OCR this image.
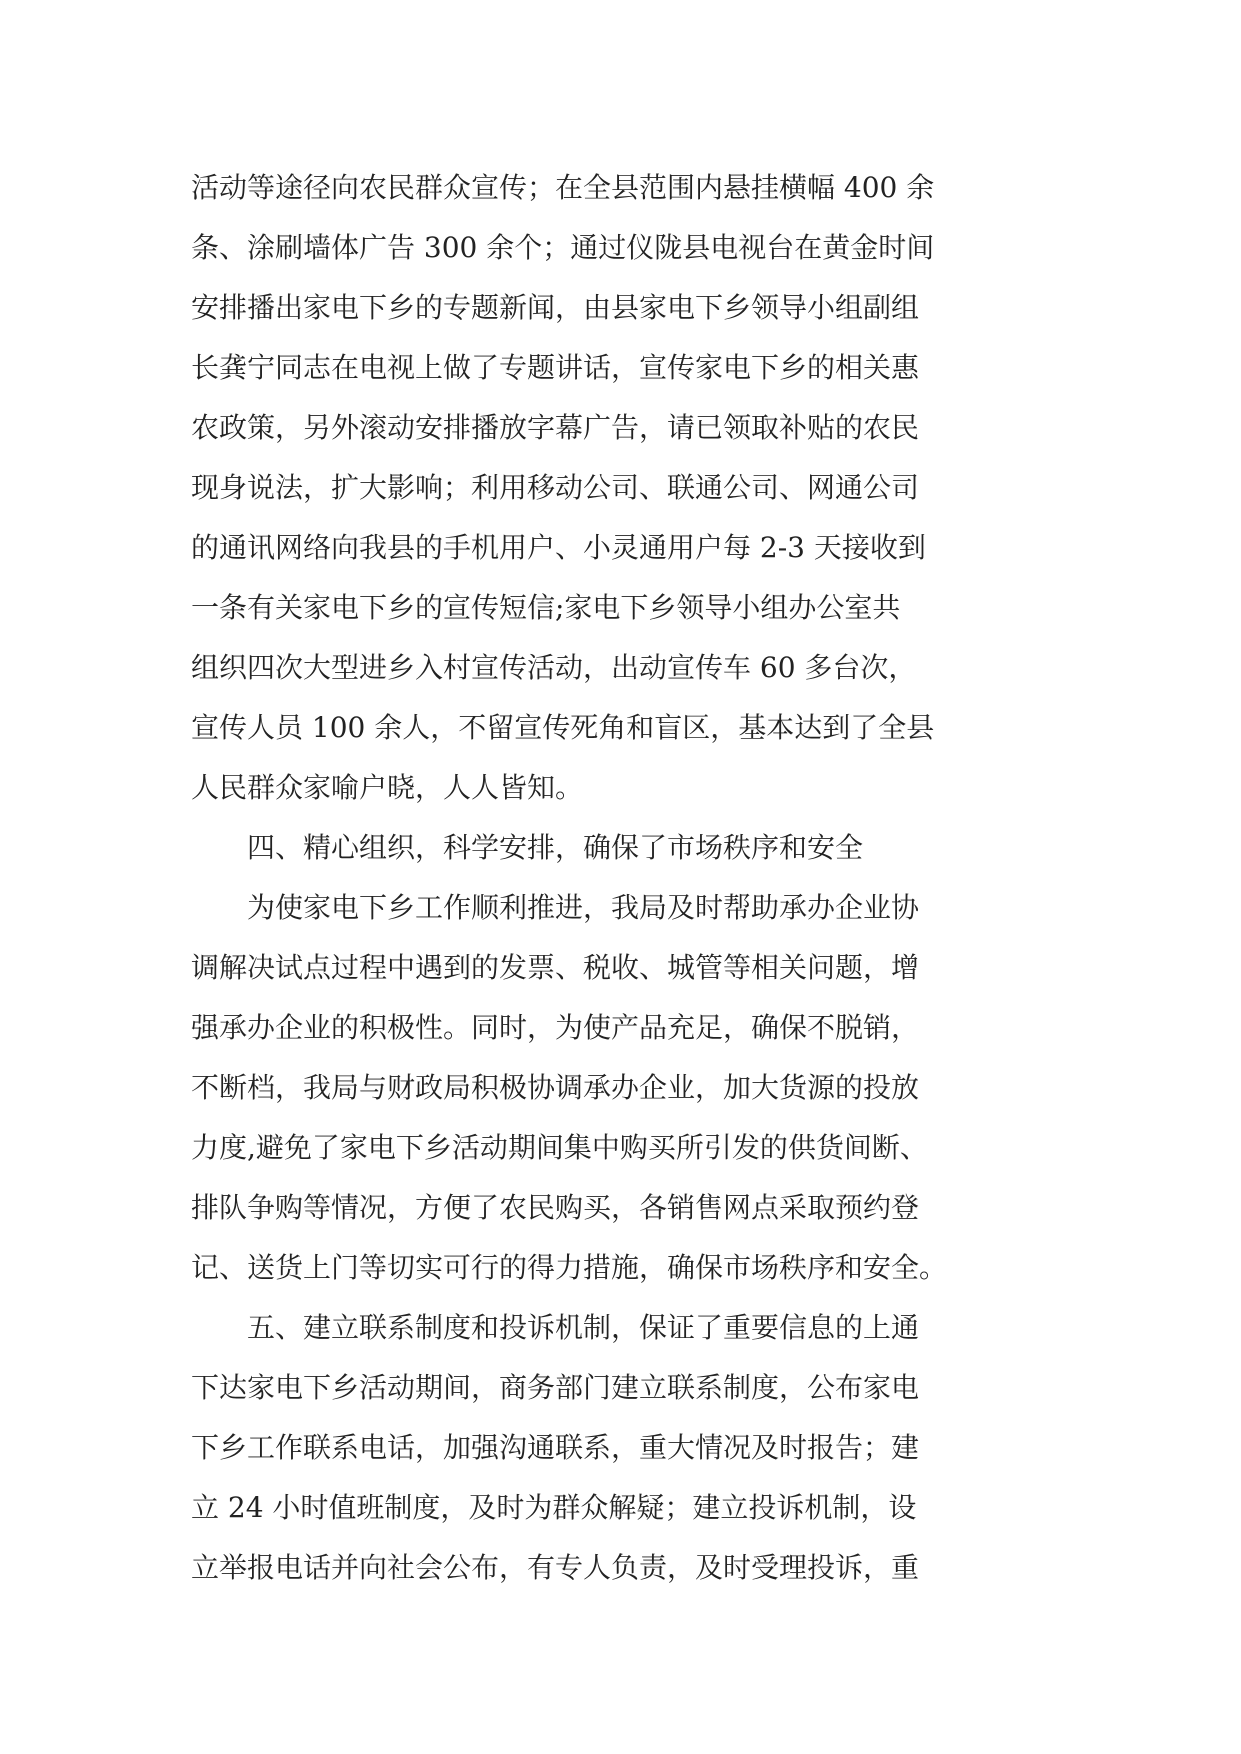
活动等途径向农民群众宣传；在全县范围内悬挂横幅 400 余
条、涂刷墙体广告 300 余个；通过仪陇县电视台在黄金时间
安排播出家电下乡的专题新闻，由县家电下乡领导小组副组
长龚宁同志在电视上做了专题讲话，宣传家电下乡的相关惠
农政策，另外滚动安排播放字幕广告，请已领取补贴的农民
现身说法，扩大影响；利用移动公司、联通公司、网通公司
的通讯网络向我县的手机用户、小灵通用户每 2-3 天接收到
一条有关家电下乡的宣传短信;家电下乡领导小组办公室共
组织四次大型进乡入村宣传活动，出动宣传车 60 多台次，
宣传人员 100 余人，不留宣传死角和盲区，基本达到了全县
人民群众家喻户晓，人人皆知。
　　四、精心组织，科学安排，确保了市场秩序和安全
　　为使家电下乡工作顺利推进，我局及时帮助承办企业协
调解决试点过程中遇到的发票、税收、城管等相关问题，增
强承办企业的积极性。同时，为使产品充足，确保不脱销，
不断档，我局与财政局积极协调承办企业，加大货源的投放
力度,避免了家电下乡活动期间集中购买所引发的供货间断、
排队争购等情况，方便了农民购买，各销售网点采取预约登
记、送货上门等切实可行的得力措施，确保市场秩序和安全。
　　五、建立联系制度和投诉机制，保证了重要信息的上通
下达家电下乡活动期间，商务部门建立联系制度，公布家电
下乡工作联系电话，加强沟通联系，重大情况及时报告；建
立 24 小时值班制度，及时为群众解疑；建立投诉机制，设
立举报电话并向社会公布，有专人负责，及时受理投诉，重
